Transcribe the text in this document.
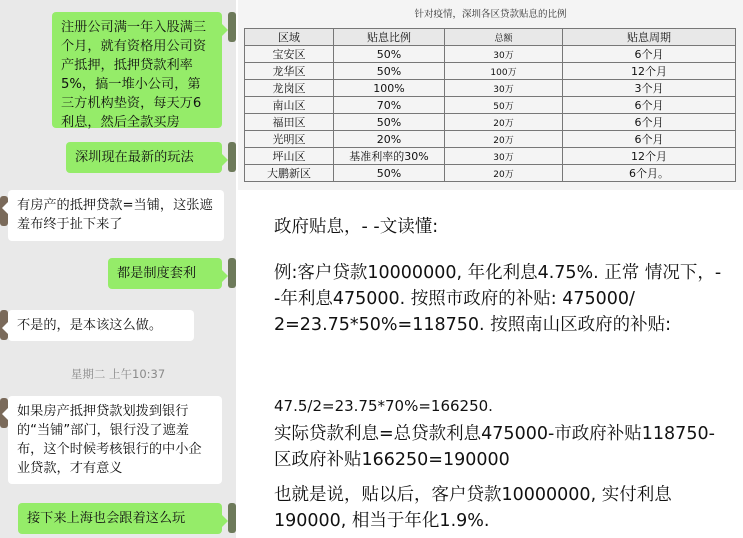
注册公司满一年入股满三个月，就有资格用公司资产抵押，抵押贷款利率5%，搞一堆小公司，第三方机构垫资，每天万6利息，然后全款买房
深圳现在最新的玩法
有房产的抵押贷款=当铺，这张遮羞布终于扯下来了
都是制度套利
不是的，是本该这么做。
星期二 上午10:37
如果房产抵押贷款划拨到银行的“当铺”部门，银行没了遮羞布，这个时候考核银行的中小企业贷款，才有意义
接下来上海也会跟着这么玩
针对疫情，深圳各区贷款贴息的比例
区域	贴息比例	总额	贴息周期
宝安区	50%	30万	6个月
龙华区	50%	100万	12个月
龙岗区	100%	30万	3个月
南山区	70%	50万	6个月
福田区	50%	20万	6个月
光明区	20%	20万	6个月
坪山区	基准利率的30%	30万	12个月
大鹏新区	50%	20万	6个月。

政府贴息，- -文读懂:

例:客户贷款10000000, 年化利息4.75%. 正常 情况下，- -年利息475000. 按照市政府的补贴: 475000/ 2=23.75*50%=118750. 按照南山区政府的补贴:

47.5/2=23.75*70%=166250.

实际贷款利息=总贷款利息475000-市政府补贴118750-区政府补贴166250=190000

也就是说，贴以后，客户贷款10000000, 实付利息190000, 相当于年化1.9%.
